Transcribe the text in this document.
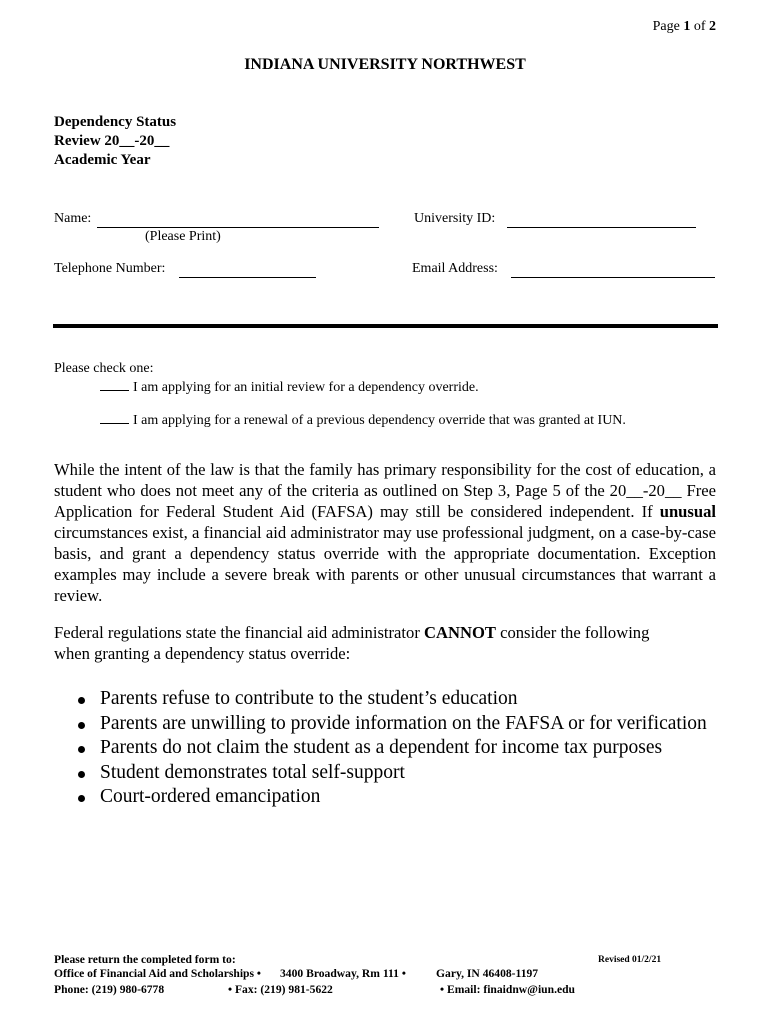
Page 1 of 2
INDIANA UNIVERSITY NORTHWEST
Dependency Status
Review 20__-20__
Academic Year
Name:
(Please Print)
University ID:
Telephone Number:	Email Address:
Please check one:
I am applying for an initial review for a dependency override.
I am applying for a renewal of a previous dependency override that was granted at IUN.

While the intent of the law is that the family has primary responsibility for the cost of education, a student who does not meet any of the criteria as outlined on Step 3, Page 5 of the 20__-20__ Free Application for Federal Student Aid (FAFSA) may still be considered independent. If unusual circumstances exist, a financial aid administrator may use professional judgment, on a case-by-case basis, and grant a dependency status override with the appropriate documentation. Exception examples may include a severe break with parents or other unusual circumstances that warrant a review.

Federal regulations state the financial aid administrator CANNOT consider the following when granting a dependency status override:

Parents refuse to contribute to the student’s education
Parents are unwilling to provide information on the FAFSA or for verification
Parents do not claim the student as a dependent for income tax purposes
Student demonstrates total self-support
Court-ordered emancipation
Please return the completed form to:	Revised 01/2/21
Office of Financial Aid and Scholarships • 3400 Broadway, Rm 111 •	Gary, IN 46408-1197
Phone: (219) 980-6778	• Fax: (219) 981-5622	• Email: finaidnw@iun.edu
